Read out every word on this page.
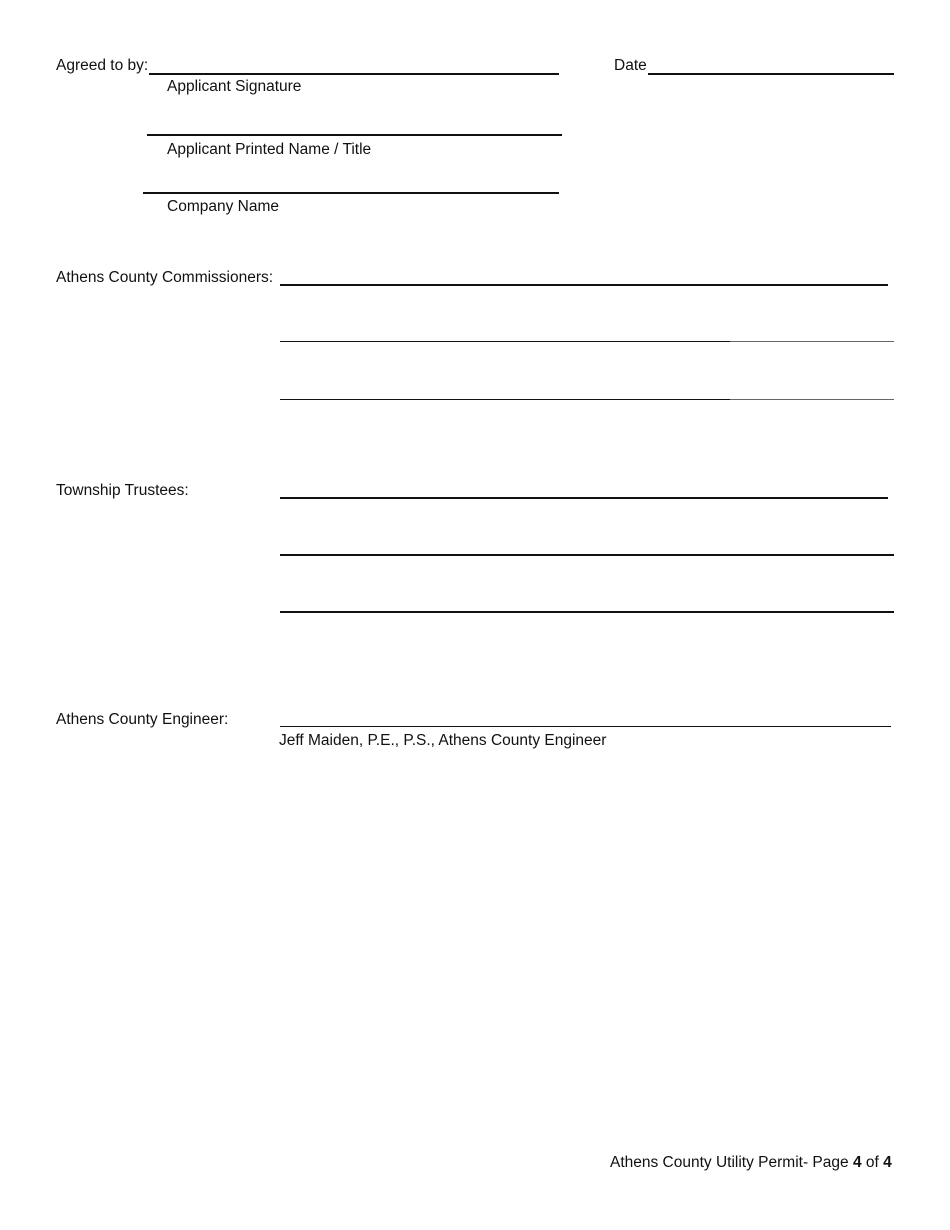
Agreed to by:	Date
Applicant Signature
Applicant Printed Name / Title
Company Name
Athens County Commissioners:
Township Trustees:
Athens County Engineer:
Jeff Maiden, P.E., P.S., Athens County Engineer
Athens County Utility Permit- Page 4 of 4
